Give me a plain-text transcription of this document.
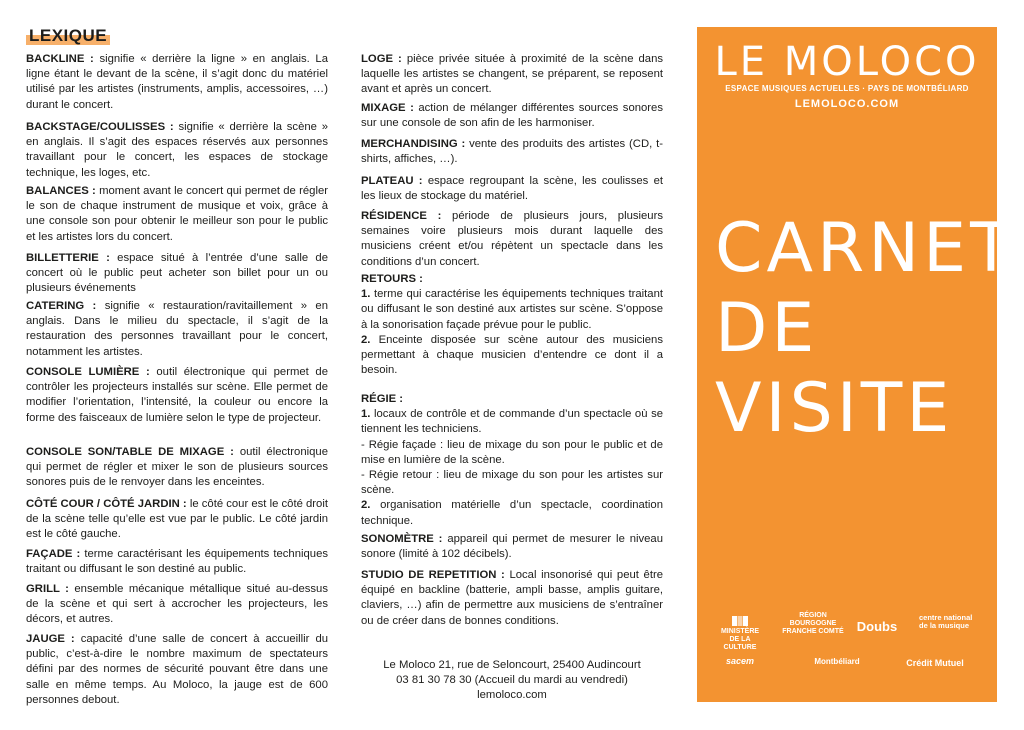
LEXIQUE
BACKLINE : signifie « derrière la ligne » en anglais. La ligne étant le devant de la scène, il s’agit donc du matériel utilisé par les artistes (instruments, amplis, accessoires, …) durant le concert.
BACKSTAGE/COULISSES : signifie « derrière la scène » en anglais. Il s’agit des espaces réservés aux personnes travaillant pour le concert, les espaces de stockage technique, les loges, etc.
BALANCES : moment avant le concert qui permet de régler le son de chaque instrument de musique et voix, grâce à une console son pour obtenir le meilleur son pour le public et les artistes lors du concert.
BILLETTERIE : espace situé à l’entrée d’une salle de concert où le public peut acheter son billet pour un ou plusieurs événements
CATERING : signifie « restauration/ravitaillement » en anglais. Dans le milieu du spectacle, il s’agit de la restauration des personnes travaillant pour le concert, notamment les artistes.
CONSOLE LUMIÈRE : outil électronique qui permet de contrôler les projecteurs installés sur scène. Elle permet de modifier l’orientation, l’intensité, la couleur ou encore la forme des faisceaux de lumière selon le type de projecteur.
CONSOLE SON/TABLE DE MIXAGE : outil électronique qui permet de régler et mixer le son de plusieurs sources sonores puis de le renvoyer dans les enceintes.
CÔTÉ COUR / CÔTÉ JARDIN : le côté cour est le côté droit de la scène telle qu’elle est vue par le public. Le côté jardin est le côté gauche.
FAÇADE : terme caractérisant les équipements techniques traitant ou diffusant le son destiné au public.
GRILL : ensemble mécanique métallique situé au-dessus de la scène et qui sert à accrocher les projecteurs, les décors, et autres.
JAUGE : capacité d’une salle de concert à accueillir du public, c’est-à-dire le nombre maximum de spectateurs défini par des normes de sécurité pouvant être dans une salle en même temps. Au Moloco, la jauge est de 600 personnes debout.
LOGE : pièce privée située à proximité de la scène dans laquelle les artistes se changent, se préparent, se reposent avant et après un concert.
MIXAGE : action de mélanger différentes sources sonores sur une console de son afin de les harmoniser.
MERCHANDISING : vente des produits des artistes (CD, t-shirts, affiches, …).
PLATEAU : espace regroupant la scène, les coulisses et les lieux de stockage du matériel.
RÉSIDENCE : période de plusieurs jours, plusieurs semaines voire plusieurs mois durant laquelle des musiciens créent et/ou répètent un spectacle dans les conditions d’un concert.

RETOURS :

1. terme qui caractérise les équipements techniques traitant ou diffusant le son destiné aux artistes sur scène. S’oppose à la sonorisation façade prévue pour le public.

2. Enceinte disposée sur scène autour des musiciens permettant à chaque musicien d’entendre ce dont il a besoin.

RÉGIE :

1. locaux de contrôle et de commande d’un spectacle où se tiennent les techniciens.

- Régie façade : lieu de mixage du son pour le public et de mise en lumière de la scène.

- Régie retour : lieu de mixage du son pour les artistes sur scène.

2. organisation matérielle d’un spectacle, coordination technique.

SONOMÈTRE : appareil qui permet de mesurer le niveau sonore (limité à 102 décibels).
STUDIO DE REPETITION : Local insonorisé qui peut être équipé en backline (batterie, ampli basse, amplis guitare, claviers, …) afin de permettre aux musiciens de s’entraîner ou de créer dans de bonnes conditions.
Le Moloco 21, rue de Seloncourt, 25400 Audincourt
03 81 30 78 30 (Accueil du mardi au vendredi)
lemoloco.com
LE MOLOCO
ESPACE MUSIQUES ACTUELLES · PAYS DE MONTBÉLIARD
LEMOLOCO.COM
CARNET
DE
VISITE
MINISTÈRE DE LA CULTURE
RÉGION BOURGOGNE FRANCHE COMTÉ	Doubs
centre national de la musique
sacem	Montbéliard	Crédit Mutuel
